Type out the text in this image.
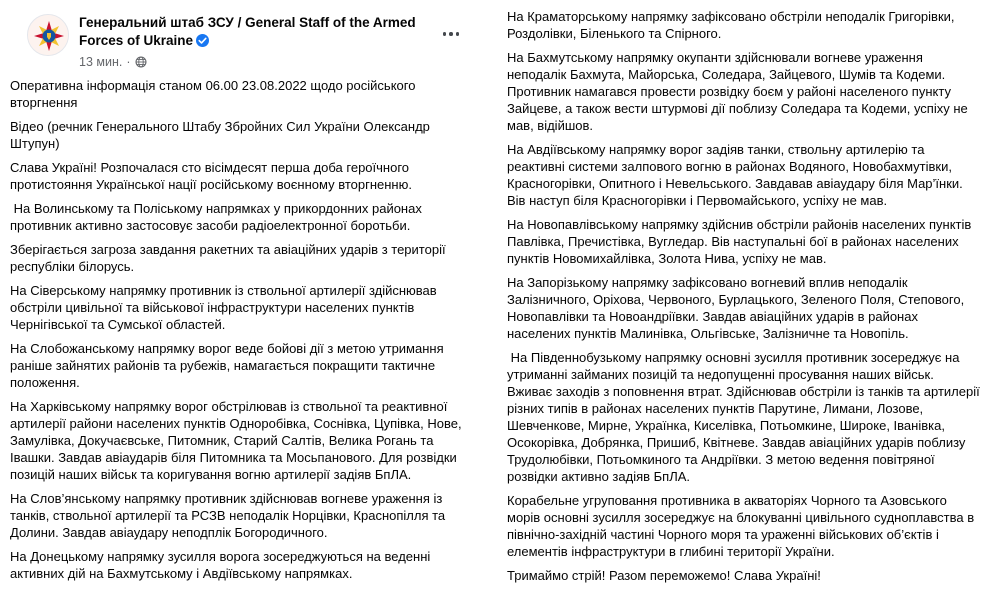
Генеральний штаб ЗСУ / General Staff of the Armed Forces of Ukraine
13 мин. ·

Оперативна інформація станом 06.00 23.08.2022 щодо російського вторгнення

Відео (речник Генерального Штабу Збройних Сил України Олександр Штупун)

Слава Україні! Розпочалася сто вісімдесят перша доба героїчного протистояння Української нації російському воєнному вторгненню.

На Волинському та Поліському напрямках у прикордонних районах противник активно застосовує засоби радіоелектронної боротьби.

Зберігається загроза завдання ракетних та авіаційних ударів з території республіки білорусь.

На Сіверському напрямку противник із ствольної артилерії здійснював обстріли цивільної та військової інфраструктури населених пунктів Чернігівської та Сумської областей.

На Слобожанському напрямку ворог веде бойові дії з метою утримання раніше зайнятих районів та рубежів, намагається покращити тактичне положення.

На Харківському напрямку ворог обстрілював із ствольної та реактивної артилерії райони населених пунктів Одноробівка, Соснівка, Цупівка, Нове, Замулівка, Докучаєвське, Питомник, Старий Салтів, Велика Рогань та Івашки. Завдав авіаударів біля Питомника та Мосьпанового. Для розвідки позицій наших військ та коригування вогню артилерії задіяв БпЛА.

На Слов’янському напрямку противник здійснював вогневе ураження із танків, ствольної артилерії та РСЗВ неподалік Норцівки, Краснопілля та Долини. Завдав авіаудару неподплік Богородичного.

На Донецькому напрямку зусилля ворога зосереджуються на веденні активних дій на Бахмутському і Авдіївському напрямках.

На Краматорському напрямку зафіксовано обстріли неподалік Григорівки, Роздолівки, Біленького та Спірного.

На Бахмутському напрямку окупанти здійснювали вогневе ураження неподалік Бахмута, Майорська, Соледара, Зайцевого, Шумів та Кодеми. Противник намагався провести розвідку боєм у районі населеного пункту Зайцеве, а також вести штурмові дії поблизу Соледара та Кодеми, успіху не мав, відійшов.

На Авдіївському напрямку ворог задіяв танки, ствольну артилерію та реактивні системи залпового вогню в районах Водяного, Новобахмутівки, Красногорівки, Опитного і Невельського. Завдавав авіаудару біля Мар’їнки. Вів наступ біля Красногорівки і Первомайського, успіху не мав.

На Новопавлівському напрямку здійснив обстріли районів населених пунктів Павлівка, Пречистівка, Вугледар. Вів наступальні бої в районах населених пунктів Новомихайлівка, Золота Нива, успіху не мав.

На Запорізькому напрямку зафіксовано вогневий вплив неподалік Залізничного, Оріхова, Червоного, Бурлацького, Зеленого Поля, Степового, Новопавлівки та Новоандріївки. Завдав авіаційних ударів в районах населених пунктів Малинівка, Ольгівське, Залізничне та Новопіль.

На Південнобузькому напрямку основні зусилля противник зосереджує на утриманні займаних позицій та недопущенні просування наших військ. Вживає заходів з поповнення втрат. Здійснював обстріли із танків та артилерії різних типів в районах населених пунктів Парутине, Лимани, Лозове, Шевченкове, Мирне, Українка, Киселівка, Потьомкине, Широке, Іванівка, Осокорівка, Добрянка, Пришиб, Квітневе. Завдав авіаційних ударів поблизу Трудолюбівки, Потьомкиного та Андріївки. З метою ведення повітряної розвідки активно задіяв БпЛА.

Корабельне угруповання противника в акваторіях Чорного та Азовського морів основні зусилля зосереджує на блокуванні цивільного судноплавства в північно-західній частині Чорного моря та ураженні військових об’єктів і елементів інфраструктури в глибині території України.

Тримаймо стрій! Разом переможемо! Слава Україні!
